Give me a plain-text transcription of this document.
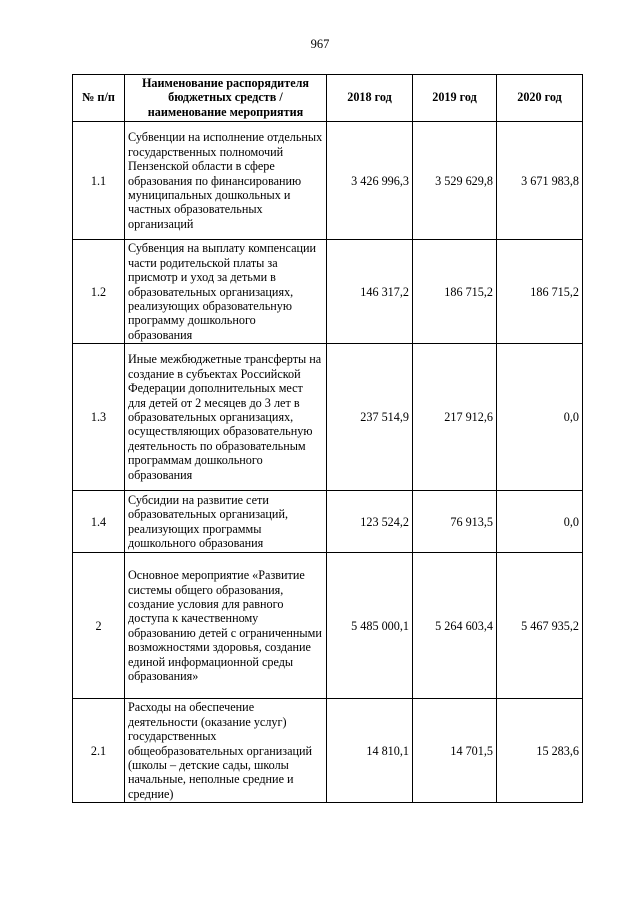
967
№ п/п	Наименование распорядителя бюджетных средств / наименование мероприятия	2018 год	2019 год	2020 год
1.1	Субвенции на исполнение отдельных государственных полномочий Пензенской области в сфере образования по финансированию муниципальных дошкольных и частных образовательных организаций	3 426 996,3	3 529 629,8	3 671 983,8
1.2	Субвенция на выплату компенсации части родительской платы за присмотр и уход за детьми в образовательных организациях, реализующих образовательную программу дошкольного образования	146 317,2	186 715,2	186 715,2
1.3	Иные межбюджетные трансферты на создание в субъектах Российской Федерации дополнительных мест для детей от 2 месяцев до 3 лет в образовательных организациях, осуществляющих образовательную деятельность по образовательным программам дошкольного образования	237 514,9	217 912,6	0,0
1.4	Субсидии на развитие сети образовательных организаций, реализующих программы дошкольного образования	123 524,2	76 913,5	0,0
2	Основное мероприятие «Развитие системы общего образования, создание условия для равного доступа к качественному образованию детей с ограниченными возможностями здоровья, создание единой информационной среды образования»	5 485 000,1	5 264 603,4	5 467 935,2
2.1	Расходы на обеспечение деятельности (оказание услуг) государственных общеобразовательных организаций (школы – детские сады, школы начальные, неполные средние и средние)	14 810,1	14 701,5	15 283,6
